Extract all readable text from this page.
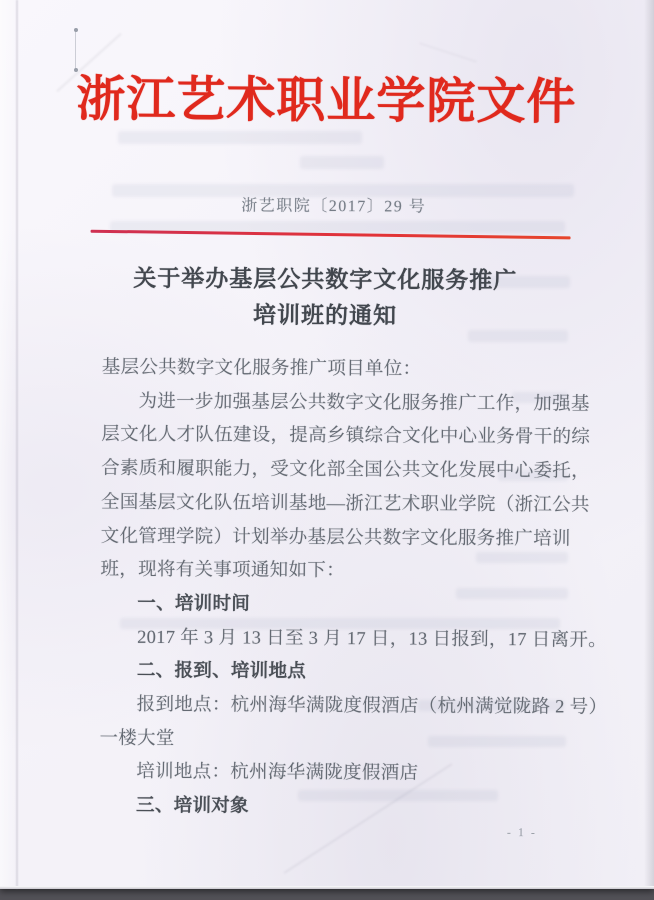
浙江艺术职业学院文件
浙艺职院〔2017〕29 号
关于举办基层公共数字文化服务推广
培训班的通知
基层公共数字文化服务推广项目单位：
为进一步加强基层公共数字文化服务推广工作，加强基
层文化人才队伍建设，提高乡镇综合文化中心业务骨干的综
合素质和履职能力，受文化部全国公共文化发展中心委托，
全国基层文化队伍培训基地—浙江艺术职业学院（浙江公共
文化管理学院）计划举办基层公共数字文化服务推广培训
班，现将有关事项通知如下：
一、培训时间
2017 年 3 月 13 日至 3 月 17 日，13 日报到，17 日离开。
二、报到、培训地点
报到地点：杭州海华满陇度假酒店（杭州满觉陇路 2 号）
一楼大堂
培训地点：杭州海华满陇度假酒店
三、培训对象
- 1 -
